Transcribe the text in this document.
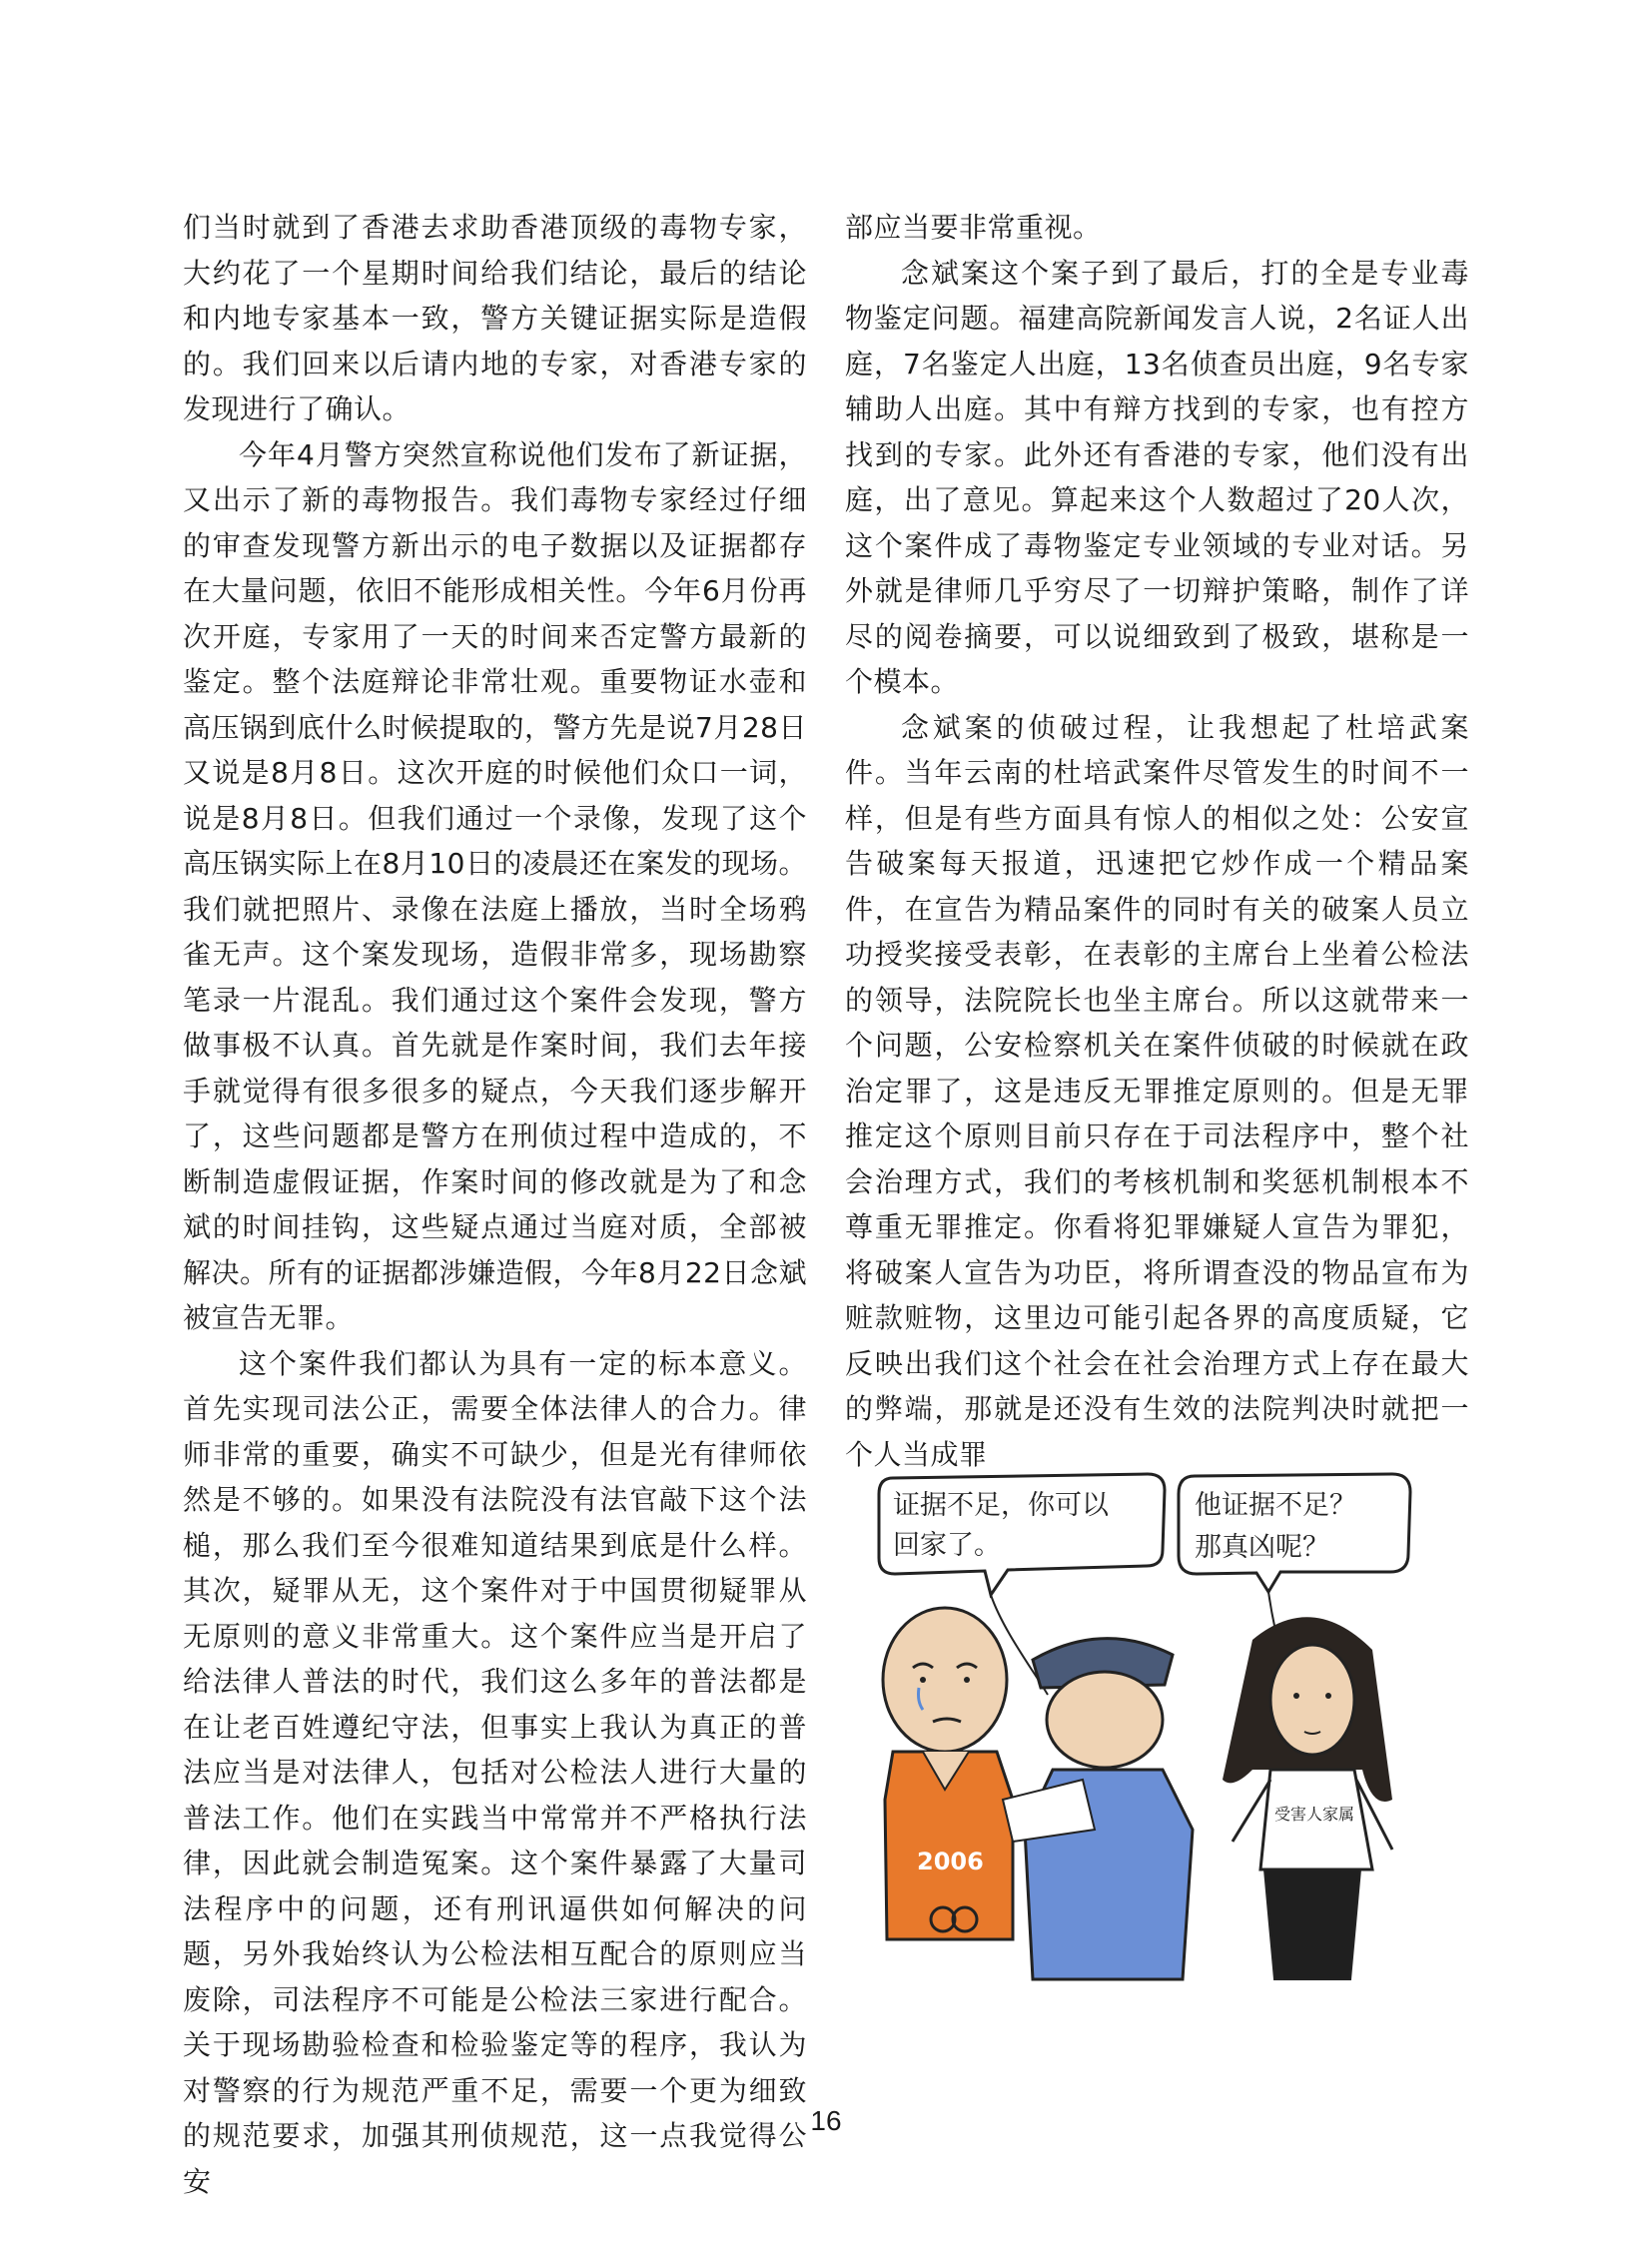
们当时就到了香港去求助香港顶级的毒物专家，大约花了一个星期时间给我们结论，最后的结论和内地专家基本一致，警方关键证据实际是造假的。我们回来以后请内地的专家，对香港专家的发现进行了确认。

今年4月警方突然宣称说他们发布了新证据，又出示了新的毒物报告。我们毒物专家经过仔细的审查发现警方新出示的电子数据以及证据都存在大量问题，依旧不能形成相关性。今年6月份再次开庭，专家用了一天的时间来否定警方最新的鉴定。整个法庭辩论非常壮观。重要物证水壶和高压锅到底什么时候提取的，警方先是说7月28日又说是8月8日。这次开庭的时候他们众口一词，说是8月8日。但我们通过一个录像，发现了这个高压锅实际上在8月10日的凌晨还在案发的现场。我们就把照片、录像在法庭上播放，当时全场鸦雀无声。这个案发现场，造假非常多，现场勘察笔录一片混乱。我们通过这个案件会发现，警方做事极不认真。首先就是作案时间，我们去年接手就觉得有很多很多的疑点，今天我们逐步解开了，这些问题都是警方在刑侦过程中造成的，不断制造虚假证据，作案时间的修改就是为了和念斌的时间挂钩，这些疑点通过当庭对质，全部被解决。所有的证据都涉嫌造假，今年8月22日念斌被宣告无罪。

这个案件我们都认为具有一定的标本意义。首先实现司法公正，需要全体法律人的合力。律师非常的重要，确实不可缺少，但是光有律师依然是不够的。如果没有法院没有法官敲下这个法槌，那么我们至今很难知道结果到底是什么样。其次，疑罪从无，这个案件对于中国贯彻疑罪从无原则的意义非常重大。这个案件应当是开启了给法律人普法的时代，我们这么多年的普法都是在让老百姓遵纪守法，但事实上我认为真正的普法应当是对法律人，包括对公检法人进行大量的普法工作。他们在实践当中常常并不严格执行法律，因此就会制造冤案。这个案件暴露了大量司法程序中的问题，还有刑讯逼供如何解决的问题，另外我始终认为公检法相互配合的原则应当废除，司法程序不可能是公检法三家进行配合。关于现场勘验检查和检验鉴定等的程序，我认为对警察的行为规范严重不足，需要一个更为细致的规范要求，加强其刑侦规范，这一点我觉得公安

部应当要非常重视。

念斌案这个案子到了最后，打的全是专业毒物鉴定问题。福建高院新闻发言人说，2名证人出庭，7名鉴定人出庭，13名侦查员出庭，9名专家辅助人出庭。其中有辩方找到的专家，也有控方找到的专家。此外还有香港的专家，他们没有出庭，出了意见。算起来这个人数超过了20人次，这个案件成了毒物鉴定专业领域的专业对话。另外就是律师几乎穷尽了一切辩护策略，制作了详尽的阅卷摘要，可以说细致到了极致，堪称是一个模本。

念斌案的侦破过程，让我想起了杜培武案件。当年云南的杜培武案件尽管发生的时间不一样，但是有些方面具有惊人的相似之处：公安宣告破案每天报道，迅速把它炒作成一个精品案件，在宣告为精品案件的同时有关的破案人员立功授奖接受表彰，在表彰的主席台上坐着公检法的领导，法院院长也坐主席台。所以这就带来一个问题，公安检察机关在案件侦破的时候就在政治定罪了，这是违反无罪推定原则的。但是无罪推定这个原则目前只存在于司法程序中，整个社会治理方式，我们的考核机制和奖惩机制根本不尊重无罪推定。你看将犯罪嫌疑人宣告为罪犯，将破案人宣告为功臣，将所谓查没的物品宣布为赃款赃物，这里边可能引起各界的高度质疑，它反映出我们这个社会在社会治理方式上存在最大的弊端，那就是还没有生效的法院判决时就把一个人当成罪

证据不足，你可以
回家了。
他证据不足？
那真凶呢？
2006
受害人家属
16
